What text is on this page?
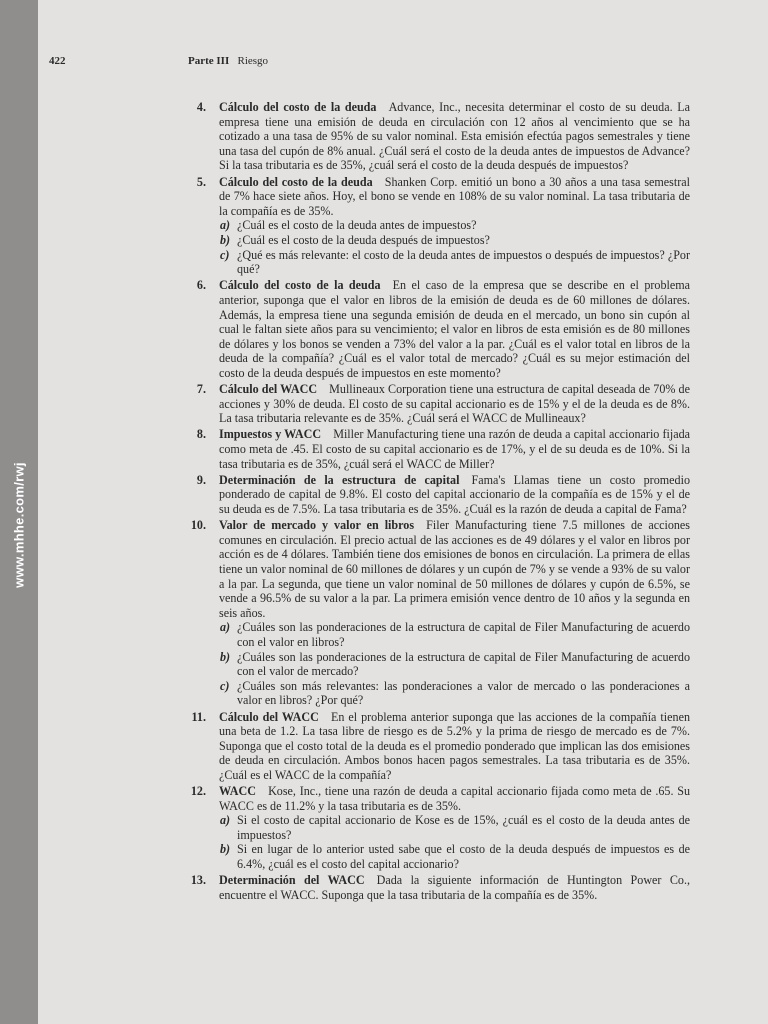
www.mhhe.com/rwj
422	Parte III Riesgo
4. Cálculo del costo de la deuda  Advance, Inc., necesita determinar el costo de su deuda. La empresa tiene una emisión de deuda en circulación con 12 años al vencimiento que se ha cotizado a una tasa de 95% de su valor nominal. Esta emisión efectúa pagos semestrales y tiene una tasa del cupón de 8% anual. ¿Cuál será el costo de la deuda antes de impuestos de Advance? Si la tasa tributaria es de 35%, ¿cuál será el costo de la deuda después de impuestos?
5. Cálculo del costo de la deuda  Shanken Corp. emitió un bono a 30 años a una tasa semestral de 7% hace siete años. Hoy, el bono se vende en 108% de su valor nominal. La tasa tributaria de la compañía es de 35%.
a) ¿Cuál es el costo de la deuda antes de impuestos?
b) ¿Cuál es el costo de la deuda después de impuestos?
c) ¿Qué es más relevante: el costo de la deuda antes de impuestos o después de impuestos? ¿Por qué?
6. Cálculo del costo de la deuda  En el caso de la empresa que se describe en el problema anterior, suponga que el valor en libros de la emisión de deuda es de 60 millones de dólares. Además, la empresa tiene una segunda emisión de deuda en el mercado, un bono sin cupón al cual le faltan siete años para su vencimiento; el valor en libros de esta emisión es de 80 millones de dólares y los bonos se venden a 73% del valor a la par. ¿Cuál es el valor total en libros de la deuda de la compañía? ¿Cuál es el valor total de mercado? ¿Cuál es su mejor estimación del costo de la deuda después de impuestos en este momento?
7. Cálculo del WACC  Mullineaux Corporation tiene una estructura de capital deseada de 70% de acciones y 30% de deuda. El costo de su capital accionario es de 15% y el de la deuda es de 8%. La tasa tributaria relevante es de 35%. ¿Cuál será el WACC de Mullineaux?
8. Impuestos y WACC  Miller Manufacturing tiene una razón de deuda a capital accionario fijada como meta de .45. El costo de su capital accionario es de 17%, y el de su deuda es de 10%. Si la tasa tributaria es de 35%, ¿cuál será el WACC de Miller?
9. Determinación de la estructura de capital  Fama's Llamas tiene un costo promedio ponderado de capital de 9.8%. El costo del capital accionario de la compañía es de 15% y el de su deuda es de 7.5%. La tasa tributaria es de 35%. ¿Cuál es la razón de deuda a capital de Fama?
10. Valor de mercado y valor en libros  Filer Manufacturing tiene 7.5 millones de acciones comunes en circulación. El precio actual de las acciones es de 49 dólares y el valor en libros por acción es de 4 dólares. También tiene dos emisiones de bonos en circulación. La primera de ellas tiene un valor nominal de 60 millones de dólares y un cupón de 7% y se vende a 93% de su valor a la par. La segunda, que tiene un valor nominal de 50 millones de dólares y cupón de 6.5%, se vende a 96.5% de su valor a la par. La primera emisión vence dentro de 10 años y la segunda en seis años.
a) ¿Cuáles son las ponderaciones de la estructura de capital de Filer Manufacturing de acuerdo con el valor en libros?
b) ¿Cuáles son las ponderaciones de la estructura de capital de Filer Manufacturing de acuerdo con el valor de mercado?
c) ¿Cuáles son más relevantes: las ponderaciones a valor de mercado o las ponderaciones a valor en libros? ¿Por qué?
11. Cálculo del WACC  En el problema anterior suponga que las acciones de la compañía tienen una beta de 1.2. La tasa libre de riesgo es de 5.2% y la prima de riesgo de mercado es de 7%. Suponga que el costo total de la deuda es el promedio ponderado que implican las dos emisiones de deuda en circulación. Ambos bonos hacen pagos semestrales. La tasa tributaria es de 35%. ¿Cuál es el WACC de la compañía?
12. WACC  Kose, Inc., tiene una razón de deuda a capital accionario fijada como meta de .65. Su WACC es de 11.2% y la tasa tributaria es de 35%.
a) Si el costo de capital accionario de Kose es de 15%, ¿cuál es el costo de la deuda antes de impuestos?
b) Si en lugar de lo anterior usted sabe que el costo de la deuda después de impuestos es de 6.4%, ¿cuál es el costo del capital accionario?
13. Determinación del WACC  Dada la siguiente información de Huntington Power Co., encuentre el WACC. Suponga que la tasa tributaria de la compañía es de 35%.
